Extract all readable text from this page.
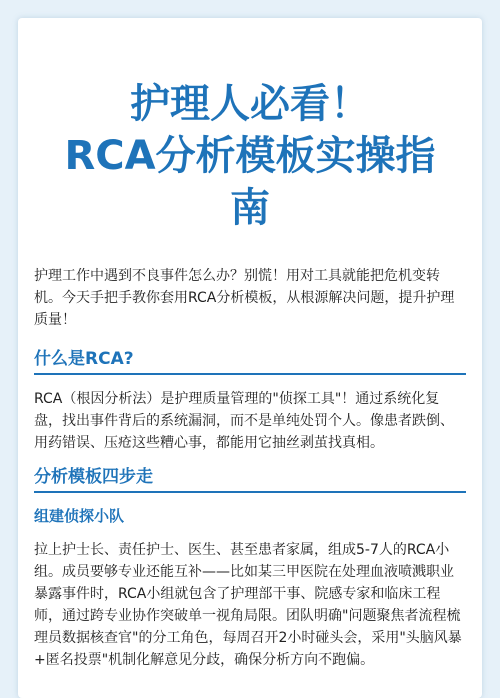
护理人必看！
RCA分析模板实操指
南

护理工作中遇到不良事件怎么办？别慌！用对工具就能把危机变转机。今天手把手教你套用RCA分析模板，从根源解决问题，提升护理质量！

什么是RCA?

RCA（根因分析法）是护理质量管理的"侦探工具"！通过系统化复盘，找出事件背后的系统漏洞，而不是单纯处罚个人。像患者跌倒、用药错误、压疮这些糟心事，都能用它抽丝剥茧找真相。

分析模板四步走
组建侦探小队

拉上护士长、责任护士、医生、甚至患者家属，组成5-7人的RCA小组。成员要够专业还能互补——比如某三甲医院在处理血液喷溅职业暴露事件时，RCA小组就包含了护理部干事、院感专家和临床工程师，通过跨专业协作突破单一视角局限。团队明确"问题聚焦者流程梳理员数据核查官"的分工角色，每周召开2小时碰头会，采用"头脑风暴+匿名投票"机制化解意见分歧，确保分析方向不跑偏。
